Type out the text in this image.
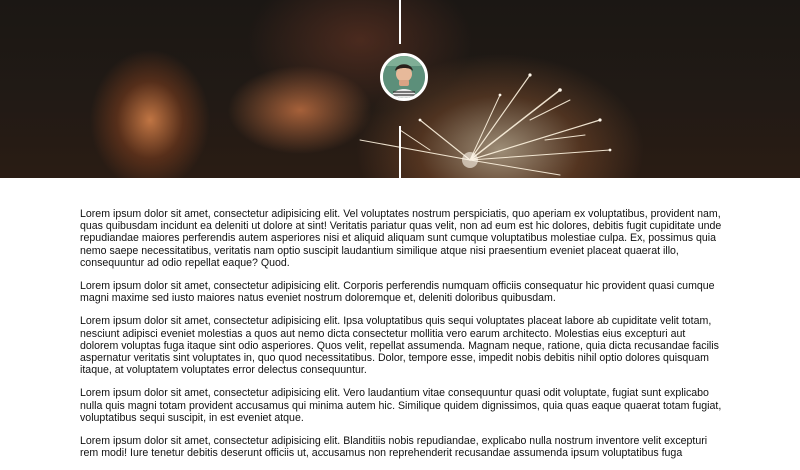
Lorem ipsum dolor sit amet, consectetur adipisicing elit. Vel voluptates nostrum perspiciatis, quo aperiam ex voluptatibus, provident nam, quas quibusdam incidunt ea deleniti ut dolore at sint! Veritatis pariatur quas velit, non ad eum est hic dolores, debitis fugit cupiditate unde repudiandae maiores perferendis autem asperiores nisi et aliquid aliquam sunt cumque voluptatibus molestiae culpa. Ex, possimus quia nemo saepe necessitatibus, veritatis nam optio suscipit laudantium similique atque nisi praesentium eveniet placeat quaerat illo, consequuntur ad odio repellat eaque? Quod.

Lorem ipsum dolor sit amet, consectetur adipisicing elit. Corporis perferendis numquam officiis consequatur hic provident quasi cumque magni maxime sed iusto maiores natus eveniet nostrum doloremque et, deleniti doloribus quibusdam.

Lorem ipsum dolor sit amet, consectetur adipisicing elit. Ipsa voluptatibus quis sequi voluptates placeat labore ab cupiditate velit totam, nesciunt adipisci eveniet molestias a quos aut nemo dicta consectetur mollitia vero earum architecto. Molestias eius excepturi aut dolorem voluptas fuga itaque sint odio asperiores. Quos velit, repellat assumenda. Magnam neque, ratione, quia dicta recusandae facilis aspernatur veritatis sint voluptates in, quo quod necessitatibus. Dolor, tempore esse, impedit nobis debitis nihil optio dolores quisquam itaque, at voluptatem voluptates error delectus consequuntur.

Lorem ipsum dolor sit amet, consectetur adipisicing elit. Vero laudantium vitae consequuntur quasi odit voluptate, fugiat sunt explicabo nulla quis magni totam provident accusamus qui minima autem hic. Similique quidem dignissimos, quia quas eaque quaerat totam fugiat, voluptatibus sequi suscipit, in est eveniet atque.

Lorem ipsum dolor sit amet, consectetur adipisicing elit. Blanditiis nobis repudiandae, explicabo nulla nostrum inventore velit excepturi rem modi! Iure tenetur debitis deserunt officiis ut, accusamus non reprehenderit recusandae assumenda ipsum voluptatibus fuga
